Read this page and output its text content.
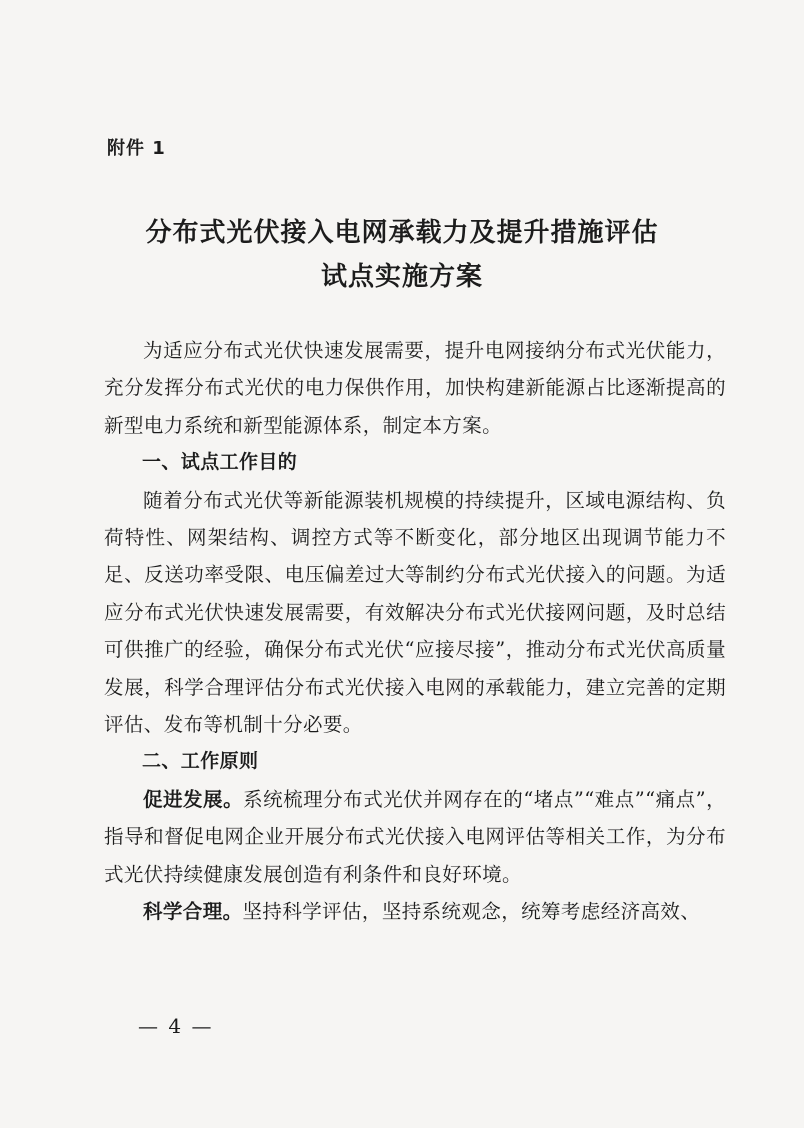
附件 1
分布式光伏接入电网承载力及提升措施评估
试点实施方案

为适应分布式光伏快速发展需要，提升电网接纳分布式光伏能力，充分发挥分布式光伏的电力保供作用，加快构建新能源占比逐渐提高的新型电力系统和新型能源体系，制定本方案。

一、试点工作目的

随着分布式光伏等新能源装机规模的持续提升，区域电源结构、负荷特性、网架结构、调控方式等不断变化，部分地区出现调节能力不足、反送功率受限、电压偏差过大等制约分布式光伏接入的问题。为适应分布式光伏快速发展需要，有效解决分布式光伏接网问题，及时总结可供推广的经验，确保分布式光伏“应接尽接”，推动分布式光伏高质量发展，科学合理评估分布式光伏接入电网的承载能力，建立完善的定期评估、发布等机制十分必要。

二、工作原则

促进发展。系统梳理分布式光伏并网存在的“堵点”“难点”“痛点”，指导和督促电网企业开展分布式光伏接入电网评估等相关工作，为分布式光伏持续健康发展创造有利条件和良好环境。

科学合理。坚持科学评估，坚持系统观念，统筹考虑经济高效、

— 4 —
